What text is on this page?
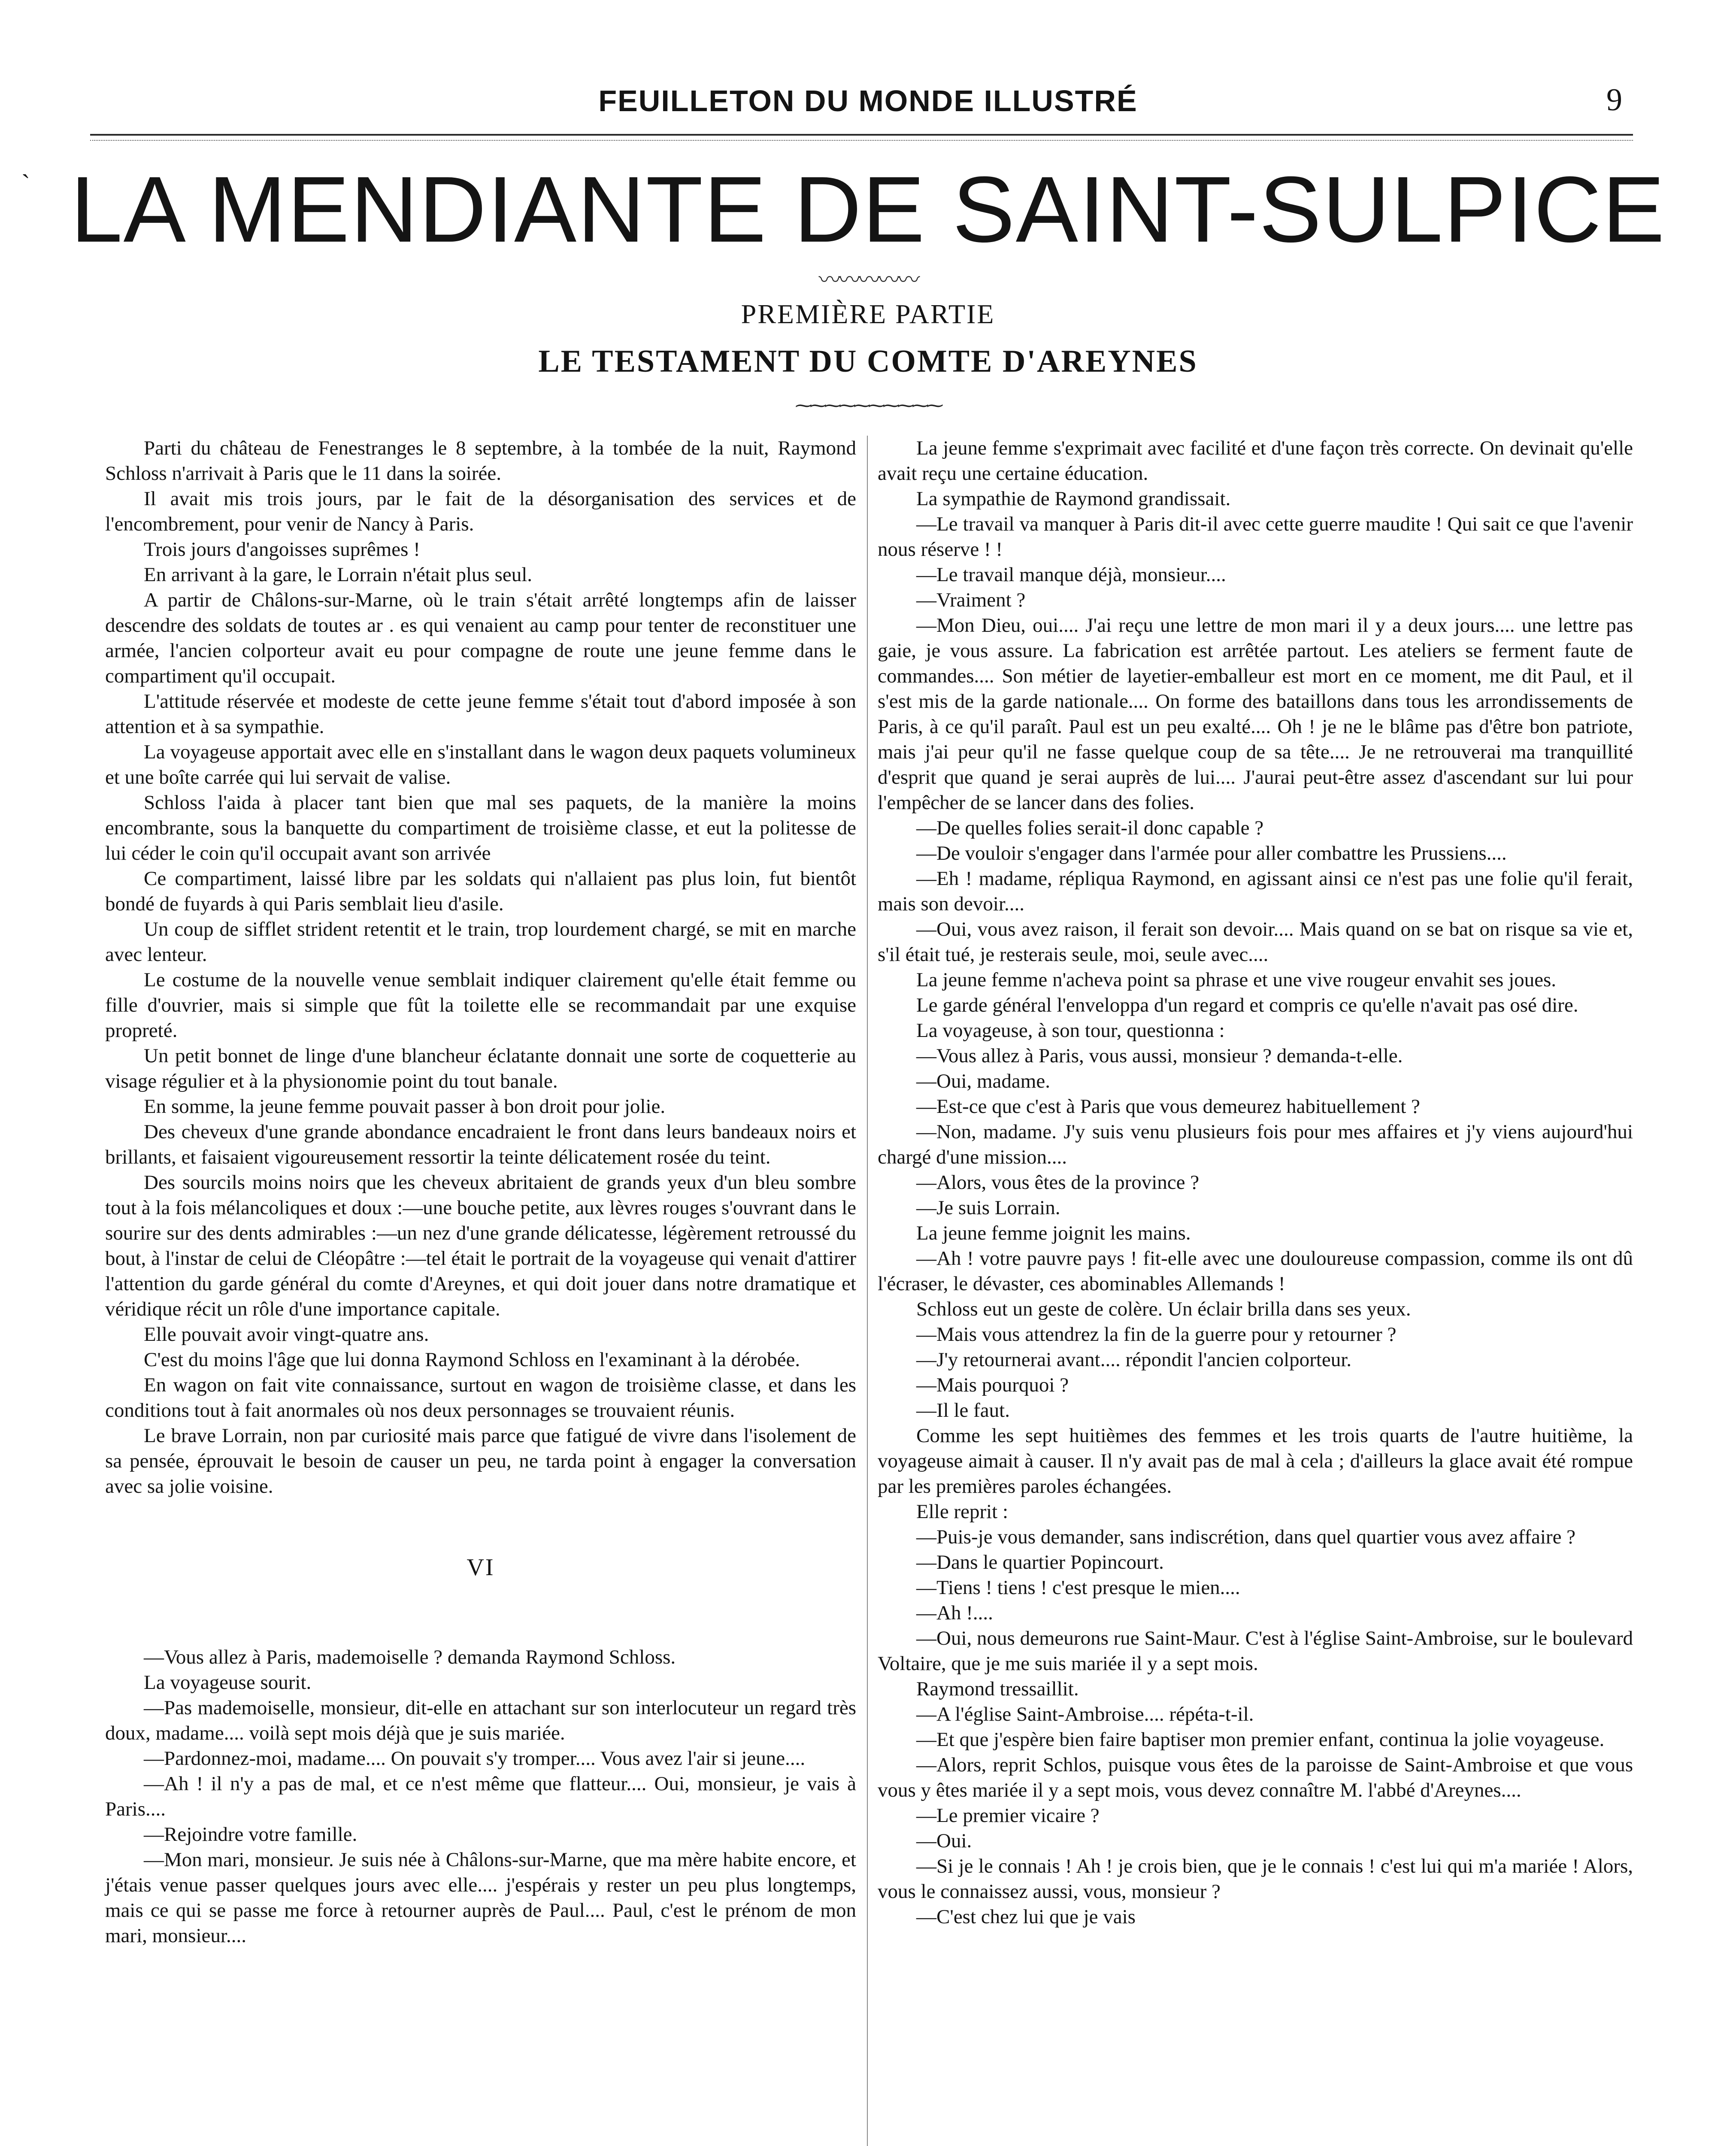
FEUILLETON DU MONDE ILLUSTRÉ	9
ˋ LA MENDIANTE DE SAINT-SULPICE
〰〰〰〰〰
PREMIÈRE PARTIE
LE TESTAMENT DU COMTE D'AREYNES
⁓⁓⁓⁓⁓⁓⁓⁓⁓⁓

Parti du château de Fenestranges le 8 septembre, à la tombée de la nuit, Raymond Schloss n'arrivait à Paris que le 11 dans la soirée.

Il avait mis trois jours, par le fait de la désorganisation des services et de l'encombrement, pour venir de Nancy à Paris.

Trois jours d'angoisses suprêmes !

En arrivant à la gare, le Lorrain n'était plus seul.

A partir de Châlons-sur-Marne, où le train s'était arrêté longtemps afin de laisser descendre des soldats de toutes ar . es qui venaient au camp pour tenter de reconstituer une armée, l'ancien colporteur avait eu pour compagne de route une jeune femme dans le compartiment qu'il occupait.

L'attitude réservée et modeste de cette jeune femme s'était tout d'abord imposée à son attention et à sa sympathie.

La voyageuse apportait avec elle en s'installant dans le wagon deux paquets volumineux et une boîte carrée qui lui servait de valise.

Schloss l'aida à placer tant bien que mal ses paquets, de la manière la moins encombrante, sous la banquette du compartiment de troisième classe, et eut la politesse de lui céder le coin qu'il occupait avant son arrivée

Ce compartiment, laissé libre par les soldats qui n'allaient pas plus loin, fut bientôt bondé de fuyards à qui Paris semblait lieu d'asile.

Un coup de sifflet strident retentit et le train, trop lourdement chargé, se mit en marche avec lenteur.

Le costume de la nouvelle venue semblait indiquer clairement qu'elle était femme ou fille d'ouvrier, mais si simple que fût la toilette elle se recommandait par une exquise propreté.

Un petit bonnet de linge d'une blancheur éclatante donnait une sorte de coquetterie au visage régulier et à la physionomie point du tout banale.

En somme, la jeune femme pouvait passer à bon droit pour jolie.

Des cheveux d'une grande abondance encadraient le front dans leurs bandeaux noirs et brillants, et faisaient vigoureusement ressortir la teinte délicatement rosée du teint.

Des sourcils moins noirs que les cheveux abritaient de grands yeux d'un bleu sombre tout à la fois mélancoliques et doux :—une bouche petite, aux lèvres rouges s'ouvrant dans le sourire sur des dents admirables :—un nez d'une grande délicatesse, légèrement retroussé du bout, à l'instar de celui de Cléopâtre :—tel était le portrait de la voyageuse qui venait d'attirer l'attention du garde général du comte d'Areynes, et qui doit jouer dans notre dramatique et véridique récit un rôle d'une importance capitale.

Elle pouvait avoir vingt-quatre ans.

C'est du moins l'âge que lui donna Raymond Schloss en l'examinant à la dérobée.

En wagon on fait vite connaissance, surtout en wagon de troisième classe, et dans les conditions tout à fait anormales où nos deux personnages se trouvaient réunis.

Le brave Lorrain, non par curiosité mais parce que fatigué de vivre dans l'isolement de sa pensée, éprouvait le besoin de causer un peu, ne tarda point à engager la conversation avec sa jolie voisine.

VI

—Vous allez à Paris, mademoiselle ? demanda Raymond Schloss.

La voyageuse sourit.

—Pas mademoiselle, monsieur, dit-elle en attachant sur son interlocuteur un regard très doux, madame.... voilà sept mois déjà que je suis mariée.

—Pardonnez-moi, madame.... On pouvait s'y tromper.... Vous avez l'air si jeune....

—Ah ! il n'y a pas de mal, et ce n'est même que flatteur.... Oui, monsieur, je vais à Paris....

—Rejoindre votre famille.

—Mon mari, monsieur. Je suis née à Châlons-sur-Marne, que ma mère habite encore, et j'étais venue passer quelques jours avec elle.... j'espérais y rester un peu plus longtemps, mais ce qui se passe me force à retourner auprès de Paul.... Paul, c'est le prénom de mon mari, monsieur....

La jeune femme s'exprimait avec facilité et d'une façon très correcte. On devinait qu'elle avait reçu une certaine éducation.

La sympathie de Raymond grandissait.

—Le travail va manquer à Paris dit-il avec cette guerre maudite ! Qui sait ce que l'avenir nous réserve ! !

—Le travail manque déjà, monsieur....

—Vraiment ?

—Mon Dieu, oui.... J'ai reçu une lettre de mon mari il y a deux jours.... une lettre pas gaie, je vous assure. La fabrication est arrêtée partout. Les ateliers se ferment faute de commandes.... Son métier de layetier-emballeur est mort en ce moment, me dit Paul, et il s'est mis de la garde nationale.... On forme des bataillons dans tous les arrondissements de Paris, à ce qu'il paraît. Paul est un peu exalté.... Oh ! je ne le blâme pas d'être bon patriote, mais j'ai peur qu'il ne fasse quelque coup de sa tête.... Je ne retrouverai ma tranquillité d'esprit que quand je serai auprès de lui.... J'aurai peut-être assez d'ascendant sur lui pour l'empêcher de se lancer dans des folies.

—De quelles folies serait-il donc capable ?

—De vouloir s'engager dans l'armée pour aller combattre les Prussiens....

—Eh ! madame, répliqua Raymond, en agissant ainsi ce n'est pas une folie qu'il ferait, mais son devoir....

—Oui, vous avez raison, il ferait son devoir.... Mais quand on se bat on risque sa vie et, s'il était tué, je resterais seule, moi, seule avec....

La jeune femme n'acheva point sa phrase et une vive rougeur envahit ses joues.

Le garde général l'enveloppa d'un regard et compris ce qu'elle n'avait pas osé dire.

La voyageuse, à son tour, questionna :

—Vous allez à Paris, vous aussi, monsieur ? demanda-t-elle.

—Oui, madame.

—Est-ce que c'est à Paris que vous demeurez habituellement ?

—Non, madame. J'y suis venu plusieurs fois pour mes affaires et j'y viens aujourd'hui chargé d'une mission....

—Alors, vous êtes de la province ?

—Je suis Lorrain.

La jeune femme joignit les mains.

—Ah ! votre pauvre pays ! fit-elle avec une douloureuse compassion, comme ils ont dû l'écraser, le dévaster, ces abominables Allemands !

Schloss eut un geste de colère. Un éclair brilla dans ses yeux.

—Mais vous attendrez la fin de la guerre pour y retourner ?

—J'y retournerai avant.... répondit l'ancien colporteur.

—Mais pourquoi ?

—Il le faut.

Comme les sept huitièmes des femmes et les trois quarts de l'autre huitième, la voyageuse aimait à causer. Il n'y avait pas de mal à cela ; d'ailleurs la glace avait été rompue par les premières paroles échangées.

Elle reprit :

—Puis-je vous demander, sans indiscrétion, dans quel quartier vous avez affaire ?

—Dans le quartier Popincourt.

—Tiens ! tiens ! c'est presque le mien....

—Ah !....

—Oui, nous demeurons rue Saint-Maur. C'est à l'église Saint-Ambroise, sur le boulevard Voltaire, que je me suis mariée il y a sept mois.

Raymond tressaillit.

—A l'église Saint-Ambroise.... répéta-t-il.

—Et que j'espère bien faire baptiser mon premier enfant, continua la jolie voyageuse.

—Alors, reprit Schlos, puisque vous êtes de la paroisse de Saint-Ambroise et que vous vous y êtes mariée il y a sept mois, vous devez connaître M. l'abbé d'Areynes....

—Le premier vicaire ?

—Oui.

—Si je le connais ! Ah ! je crois bien, que je le connais ! c'est lui qui m'a mariée ! Alors, vous le connaissez aussi, vous, monsieur ?

—C'est chez lui que je vais
